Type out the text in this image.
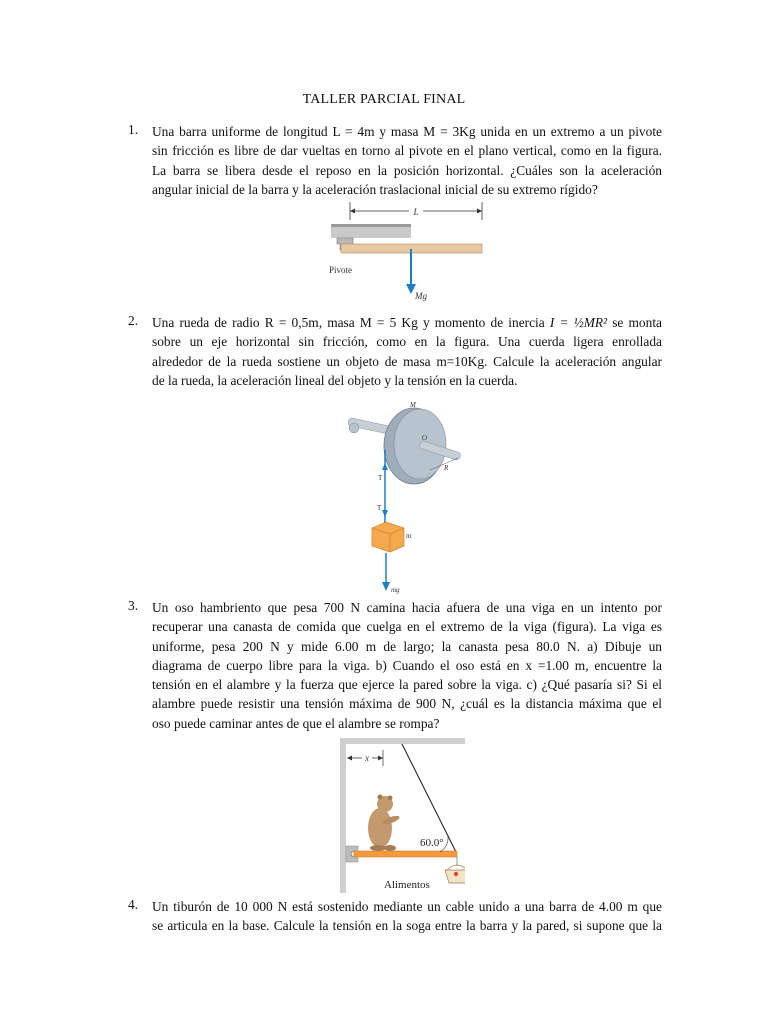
TALLER PARCIAL FINAL
1. Una barra uniforme de longitud L = 4m y masa M = 3Kg unida en un extremo a un pivote
sin fricción es libre de dar vueltas en torno al pivote en el plano vertical, como en la figura.
La barra se libera desde el reposo en la posición horizontal. ¿Cuáles son la aceleración
angular inicial de la barra y la aceleración traslacional inicial de su extremo rígido?
L
Pivote
Mg⃗
2. Una rueda de radio R = 0,5m, masa M = 5 Kg y momento de inercia I = ½MR² se monta
sobre un eje horizontal sin fricción, como en la figura. Una cuerda ligera enrollada
alrededor de la rueda sostiene un objeto de masa m=10Kg. Calcule la aceleración angular
de la rueda, la aceleración lineal del objeto y la tensión en la cuerda.
O
M
R
T
T
m
mg⃗
3. Un oso hambriento que pesa 700 N camina hacia afuera de una viga en un intento por
recuperar una canasta de comida que cuelga en el extremo de la viga (figura). La viga es
uniforme, pesa 200 N y mide 6.00 m de largo; la canasta pesa 80.0 N. a) Dibuje un
diagrama de cuerpo libre para la viga. b) Cuando el oso está en x =1.00 m, encuentre la
tensión en el alambre y la fuerza que ejerce la pared sobre la viga. c) ¿Qué pasaría si? Si el
alambre puede resistir una tensión máxima de 900 N, ¿cuál es la distancia máxima que el
oso puede caminar antes de que el alambre se rompa?
x
60.0°
Alimentos
4. Un tiburón de 10 000 N está sostenido mediante un cable unido a una barra de 4.00 m que
se articula en la base. Calcule la tensión en la soga entre la barra y la pared, si supone que la
